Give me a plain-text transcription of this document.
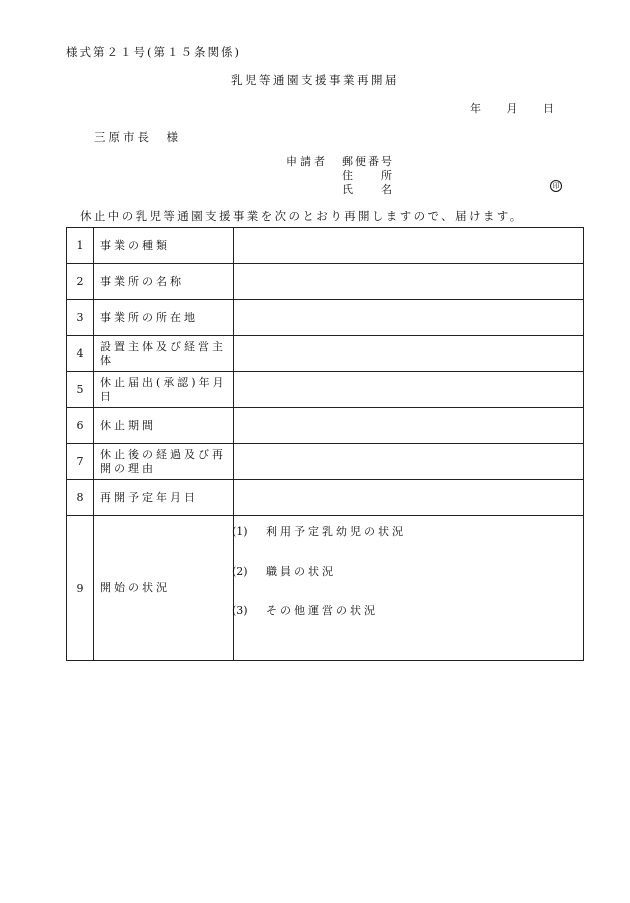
様式第２１号(第１５条関係)
乳児等通園支援事業再開届
年 月 日
三原市長　様
申請者 郵便番号
住　　所
氏　　名	印
休止中の乳児等通園支援事業を次のとおり再開しますので、届けます。
1	事業の種類	
2	事業所の名称	
3	事業所の所在地	
4	設置主体及び経営主体	
5	休止届出(承認)年月日	
6	休止期間	
7	休止後の経過及び再開の理由	
8	再開予定年月日	
9	開始の状況	
(1) 利用予定乳幼児の状況
(2) 職員の状況
(3) その他運営の状況
